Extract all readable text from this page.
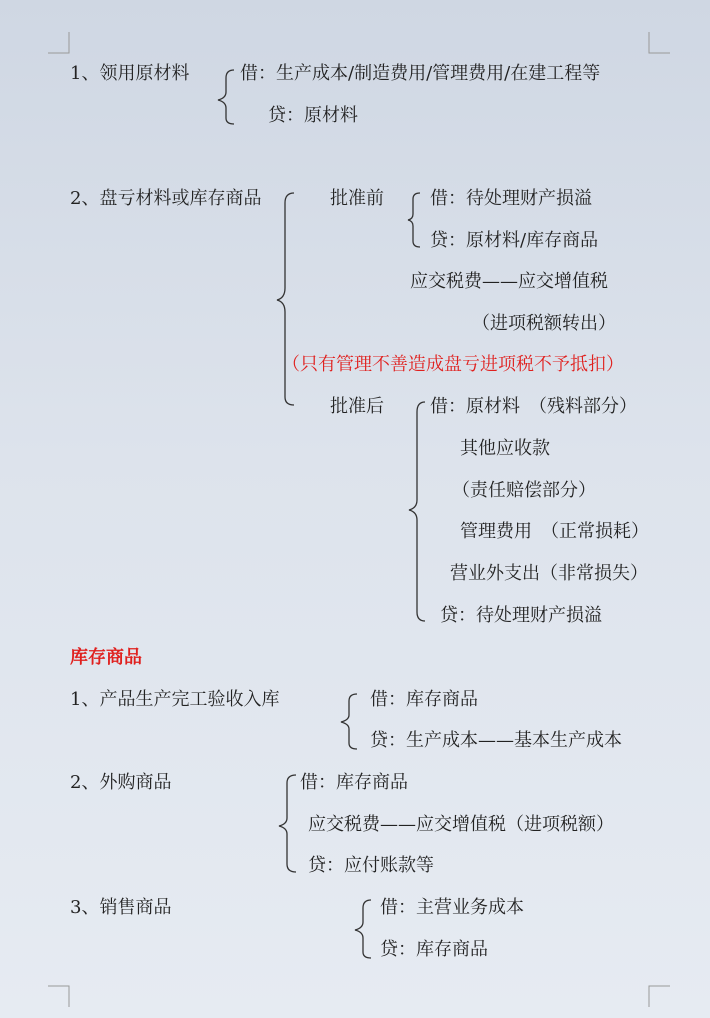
1、领用原材料	借：生产成本/制造费用/管理费用/在建工程等
贷：原材料
2、盘亏材料或库存商品	批准前	借：待处理财产损溢
贷：原材料/库存商品
应交税费——应交增值税
（进项税额转出）
（只有管理不善造成盘亏进项税不予抵扣）
批准后	借：原材料　（残料部分）
其他应收款
（责任赔偿部分）
管理费用　（正常损耗）
营业外支出（非常损失）
贷：待处理财产损溢
库存商品
1、产品生产完工验收入库	借：库存商品
贷：生产成本——基本生产成本
2、外购商品	借：库存商品
应交税费——应交增值税（进项税额）
贷：应付账款等
3、销售商品	借：主营业务成本
贷：库存商品
